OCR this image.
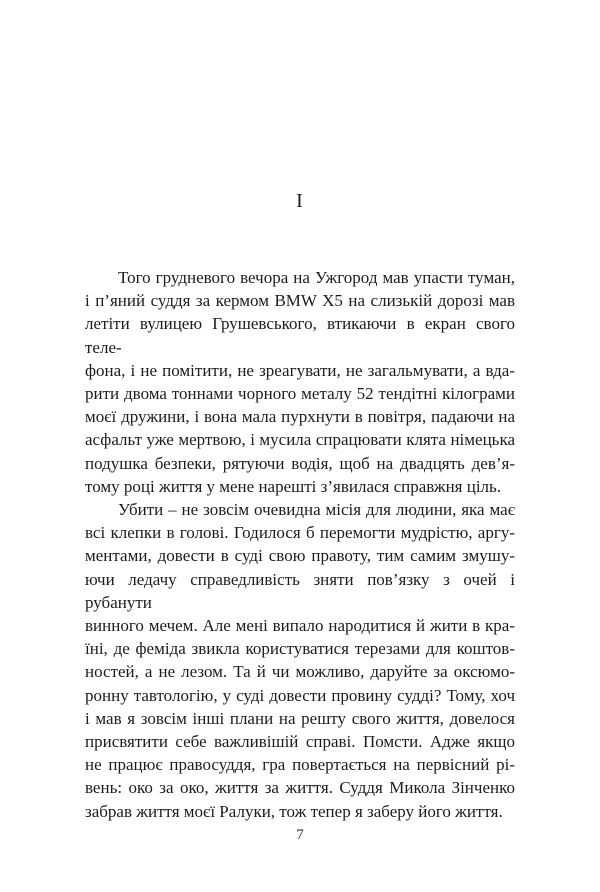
I
Того грудневого вечора на Ужгород мав упасти туман,
і п’яний суддя за кермом BMW X5 на слизькій дорозі мав
летіти вулицею Грушевського, втикаючи в екран свого теле-
фона, і не помітити, не зреагувати, не загальмувати, а вда-
рити двома тоннами чорного металу 52 тендітні кілограми
моєї дружини, і вона мала пурхнути в повітря, падаючи на
асфальт уже мертвою, і мусила спрацювати клята німецька
подушка безпеки, рятуючи водія, щоб на двадцять дев’я-
тому році життя у мене нарешті з’явилася справжня ціль.
Убити – не зовсім очевидна місія для людини, яка має
всі клепки в голові. Годилося б перемогти мудрістю, аргу-
ментами, довести в суді свою правоту, тим самим змушу-
ючи ледачу справедливість зняти пов’язку з очей і рубанути
винного мечем. Але мені випало народитися й жити в кра-
їні, де феміда звикла користуватися терезами для коштов-
ностей, а не лезом. Та й чи можливо, даруйте за оксюмо-
ронну тавтологію, у суді довести провину судді? Тому, хоч
і мав я зовсім інші плани на решту свого життя, довелося
присвятити себе важливішій справі. Помсти. Адже якщо
не працює правосуддя, гра повертається на первісний рі-
вень: око за око, життя за життя. Суддя Микола Зінченко
забрав життя моєї Ралуки, тож тепер я заберу його життя.
7
